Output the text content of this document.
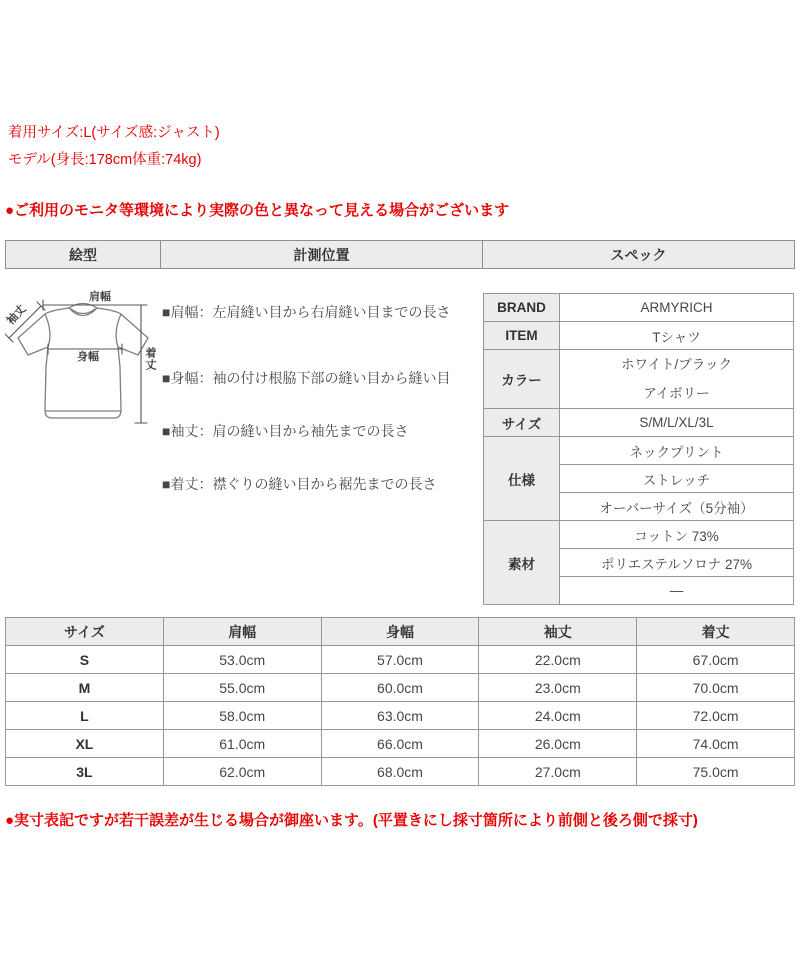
着用サイズ:L(サイズ感:ジャスト)
モデル(身長:178cm体重:74kg)
●ご利用のモニタ等環境により実際の色と異なって見える場合がございます
絵型	計測位置	スペック
肩幅
袖丈
身幅	着丈
■肩幅：左肩縫い目から右肩縫い目までの長さ
■身幅：袖の付け根脇下部の縫い目から縫い目
■袖丈：肩の縫い目から袖先までの長さ
■着丈：襟ぐりの縫い目から裾先までの長さ
BRAND	ARMYRICH
ITEM	Tシャツ
カラー	ホワイト/ブラック
アイボリー

サイズ	S/M/L/XL/3L
仕様	ネックプリント
	ストレッチ
	オーバーサイズ（5分袖）
素材	コットン 73%
	ポリエステルソロナ 27%
	—
サイズ	肩幅	身幅	袖丈	着丈
S	53.0cm	57.0cm	22.0cm	67.0cm
M	55.0cm	60.0cm	23.0cm	70.0cm
L	58.0cm	63.0cm	24.0cm	72.0cm
XL	61.0cm	66.0cm	26.0cm	74.0cm
3L	62.0cm	68.0cm	27.0cm	75.0cm
●実寸表記ですが若干誤差が生じる場合が御座います。(平置きにし採寸箇所により前側と後ろ側で採寸)
